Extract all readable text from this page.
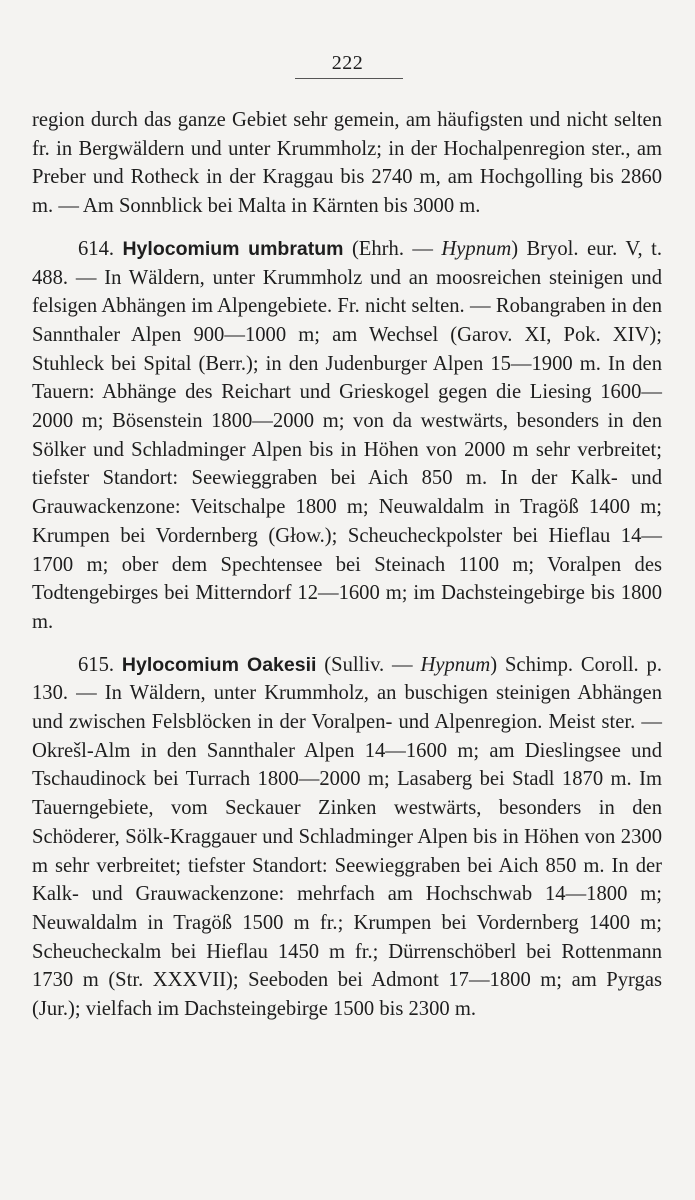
222

region durch das ganze Gebiet sehr gemein, am häufigsten und nicht selten fr. in Bergwäldern und unter Krummholz; in der Hochalpenregion ster., am Preber und Rotheck in der Kraggau bis 2740 m, am Hochgolling bis 2860 m. — Am Sonnblick bei Malta in Kärnten bis 3000 m.

614. Hylocomium umbratum (Ehrh. — Hypnum) Bryol. eur. V, t. 488. — In Wäldern, unter Krummholz und an moosreichen steinigen und felsigen Abhängen im Alpengebiete. Fr. nicht selten. — Robangraben in den Sannthaler Alpen 900—1000 m; am Wechsel (Garov. XI, Pok. XIV); Stuhleck bei Spital (Berr.); in den Judenburger Alpen 15—1900 m. In den Tauern: Abhänge des Reichart und Grieskogel gegen die Liesing 1600—2000 m; Bösenstein 1800—2000 m; von da westwärts, besonders in den Sölker und Schladminger Alpen bis in Höhen von 2000 m sehr verbreitet; tiefster Standort: Seewieggraben bei Aich 850 m. In der Kalk- und Grauwackenzone: Veitschalpe 1800 m; Neuwaldalm in Tragöß 1400 m; Krumpen bei Vordernberg (Głow.); Scheucheckpolster bei Hieflau 14—1700 m; ober dem Spechtensee bei Steinach 1100 m; Voralpen des Todtengebirges bei Mitterndorf 12—1600 m; im Dachsteingebirge bis 1800 m.

615. Hylocomium Oakesii (Sulliv. — Hypnum) Schimp. Coroll. p. 130. — In Wäldern, unter Krummholz, an buschigen steinigen Abhängen und zwischen Felsblöcken in der Voralpen- und Alpenregion. Meist ster. — Okrešl-Alm in den Sannthaler Alpen 14—1600 m; am Dieslingsee und Tschaudinock bei Turrach 1800—2000 m; Lasaberg bei Stadl 1870 m. Im Tauerngebiete, vom Seckauer Zinken westwärts, besonders in den Schöderer, Sölk-Kraggauer und Schladminger Alpen bis in Höhen von 2300 m sehr verbreitet; tiefster Standort: Seewieggraben bei Aich 850 m. In der Kalk- und Grauwackenzone: mehrfach am Hochschwab 14—1800 m; Neuwaldalm in Tragöß 1500 m fr.; Krumpen bei Vordernberg 1400 m; Scheucheckalm bei Hieflau 1450 m fr.; Dürrenschöberl bei Rottenmann 1730 m (Str. XXXVII); Seeboden bei Admont 17—1800 m; am Pyrgas (Jur.); vielfach im Dachsteingebirge 1500 bis 2300 m.
